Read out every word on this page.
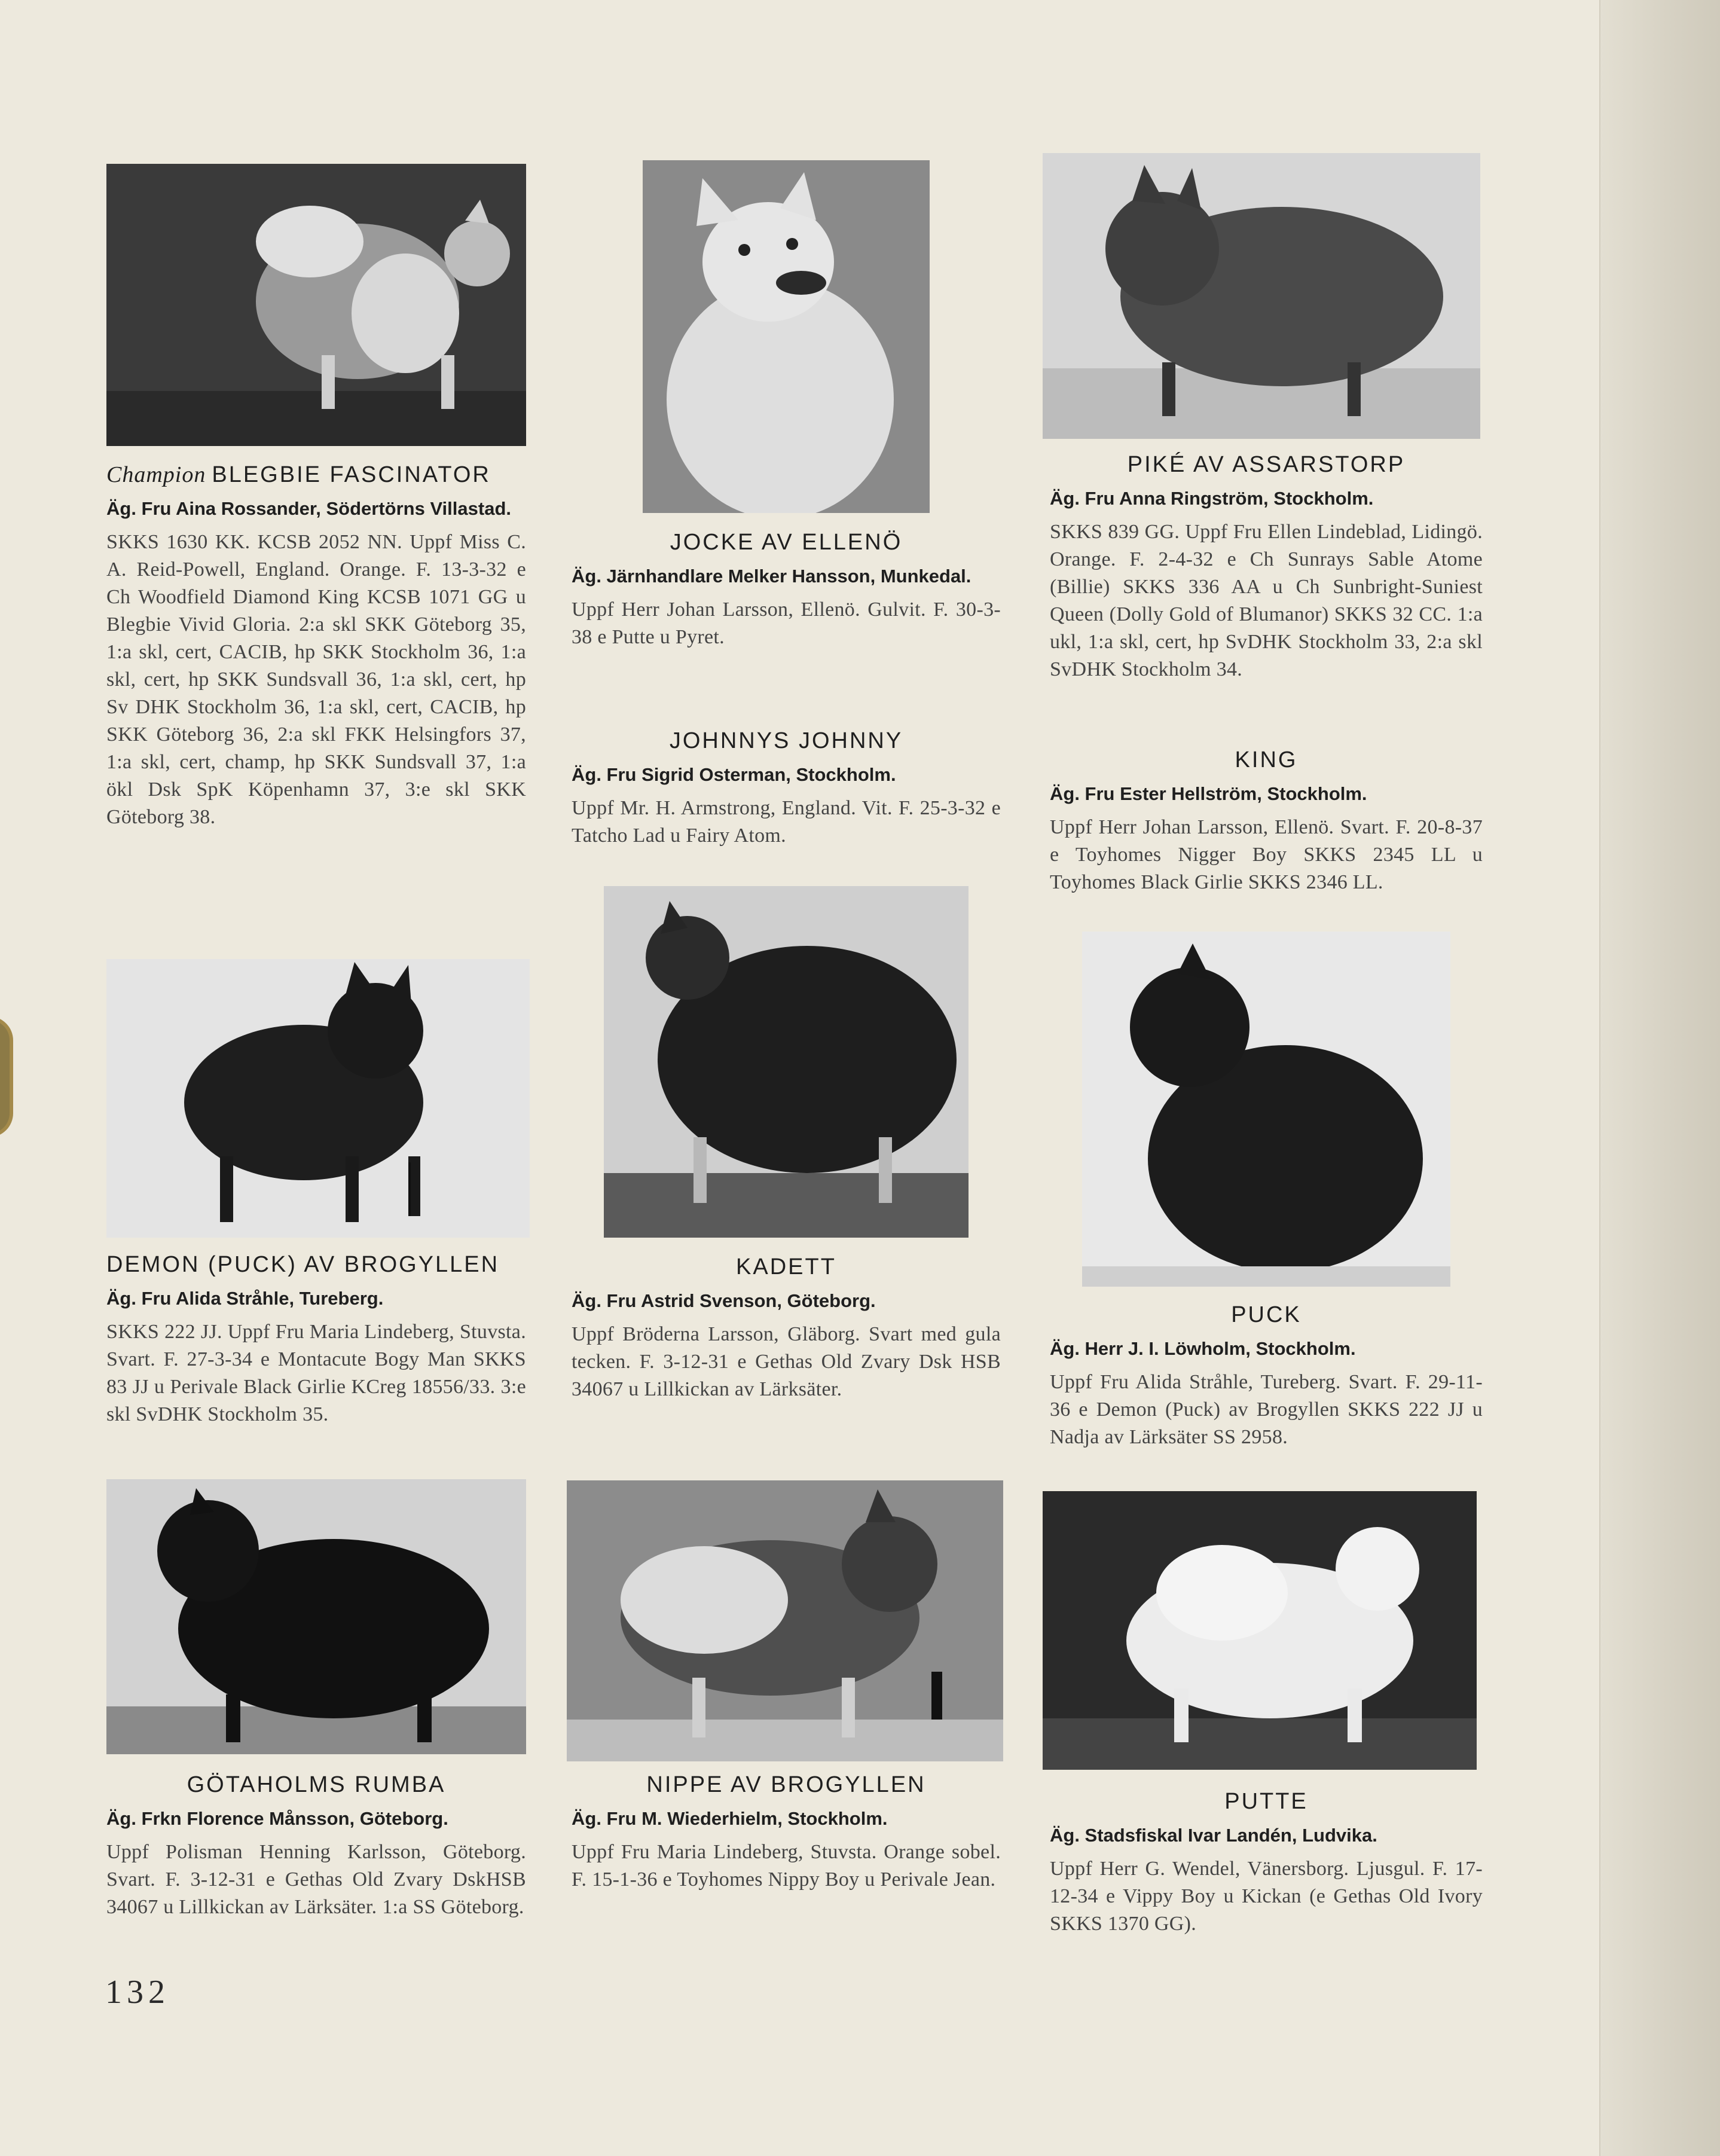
Champion BLEGBIE FASCINATOR

Äg. Fru Aina Rossander, Södertörns Villastad.

SKKS 1630 KK. KCSB 2052 NN. Uppf Miss C. A. Reid-Powell, England. Orange. F. 13-3-32 e Ch Woodfield Diamond King KCSB 1071 GG u Blegbie Vivid Gloria. 2:a skl SKK Göteborg 35, 1:a skl, cert, CACIB, hp SKK Stockholm 36, 1:a skl, cert, hp SKK Sundsvall 36, 1:a skl, cert, hp Sv DHK Stockholm 36, 1:a skl, cert, CACIB, hp SKK Göteborg 36, 2:a skl FKK Helsingfors 37, 1:a skl, cert, champ, hp SKK Sundsvall 37, 1:a ökl Dsk SpK Köpenhamn 37, 3:e skl SKK Göteborg 38.

JOCKE AV ELLENÖ

Äg. Järnhandlare Melker Hansson, Munkedal.

Uppf Herr Johan Larsson, Ellenö. Gulvit. F. 30-3-38 e Putte u Pyret.

JOHNNYS JOHNNY

Äg. Fru Sigrid Osterman, Stockholm.

Uppf Mr. H. Armstrong, England. Vit. F. 25-3-32 e Tatcho Lad u Fairy Atom.

PIKÉ AV ASSARSTORP

Äg. Fru Anna Ringström, Stockholm.

SKKS 839 GG. Uppf Fru Ellen Lindeblad, Lidingö. Orange. F. 2-4-32 e Ch Sunrays Sable Atome (Billie) SKKS 336 AA u Ch Sunbright-Suniest Queen (Dolly Gold of Blumanor) SKKS 32 CC. 1:a ukl, 1:a skl, cert, hp SvDHK Stockholm 33, 2:a skl SvDHK Stockholm 34.

KING

Äg. Fru Ester Hellström, Stockholm.

Uppf Herr Johan Larsson, Ellenö. Svart. F. 20-8-37 e Toyhomes Nigger Boy SKKS 2345 LL u Toyhomes Black Girlie SKKS 2346 LL.

DEMON (PUCK) AV BROGYLLEN

Äg. Fru Alida Stråhle, Tureberg.

SKKS 222 JJ. Uppf Fru Maria Lindeberg, Stuvsta. Svart. F. 27-3-34 e Montacute Bogy Man SKKS 83 JJ u Perivale Black Girlie KCreg 18556/33. 3:e skl SvDHK Stockholm 35.

KADETT

Äg. Fru Astrid Svenson, Göteborg.

Uppf Bröderna Larsson, Gläborg. Svart med gula tecken. F. 3-12-31 e Gethas Old Zvary Dsk HSB 34067 u Lillkickan av Lärksäter.

PUCK

Äg. Herr J. I. Löwholm, Stockholm.

Uppf Fru Alida Stråhle, Tureberg. Svart. F. 29-11-36 e Demon (Puck) av Brogyllen SKKS 222 JJ u Nadja av Lärksäter SS 2958.

GÖTAHOLMS RUMBA

Äg. Frkn Florence Månsson, Göteborg.

Uppf Polisman Henning Karlsson, Göteborg. Svart. F. 3-12-31 e Gethas Old Zvary DskHSB 34067 u Lillkickan av Lärksäter. 1:a SS Göteborg.

NIPPE AV BROGYLLEN

Äg. Fru M. Wiederhielm, Stockholm.

Uppf Fru Maria Lindeberg, Stuvsta. Orange sobel. F. 15-1-36 e Toyhomes Nippy Boy u Perivale Jean.

PUTTE

Äg. Stadsfiskal Ivar Landén, Ludvika.

Uppf Herr G. Wendel, Vänersborg. Ljusgul. F. 17-12-34 e Vippy Boy u Kickan (e Gethas Old Ivory SKKS 1370 GG).

132
